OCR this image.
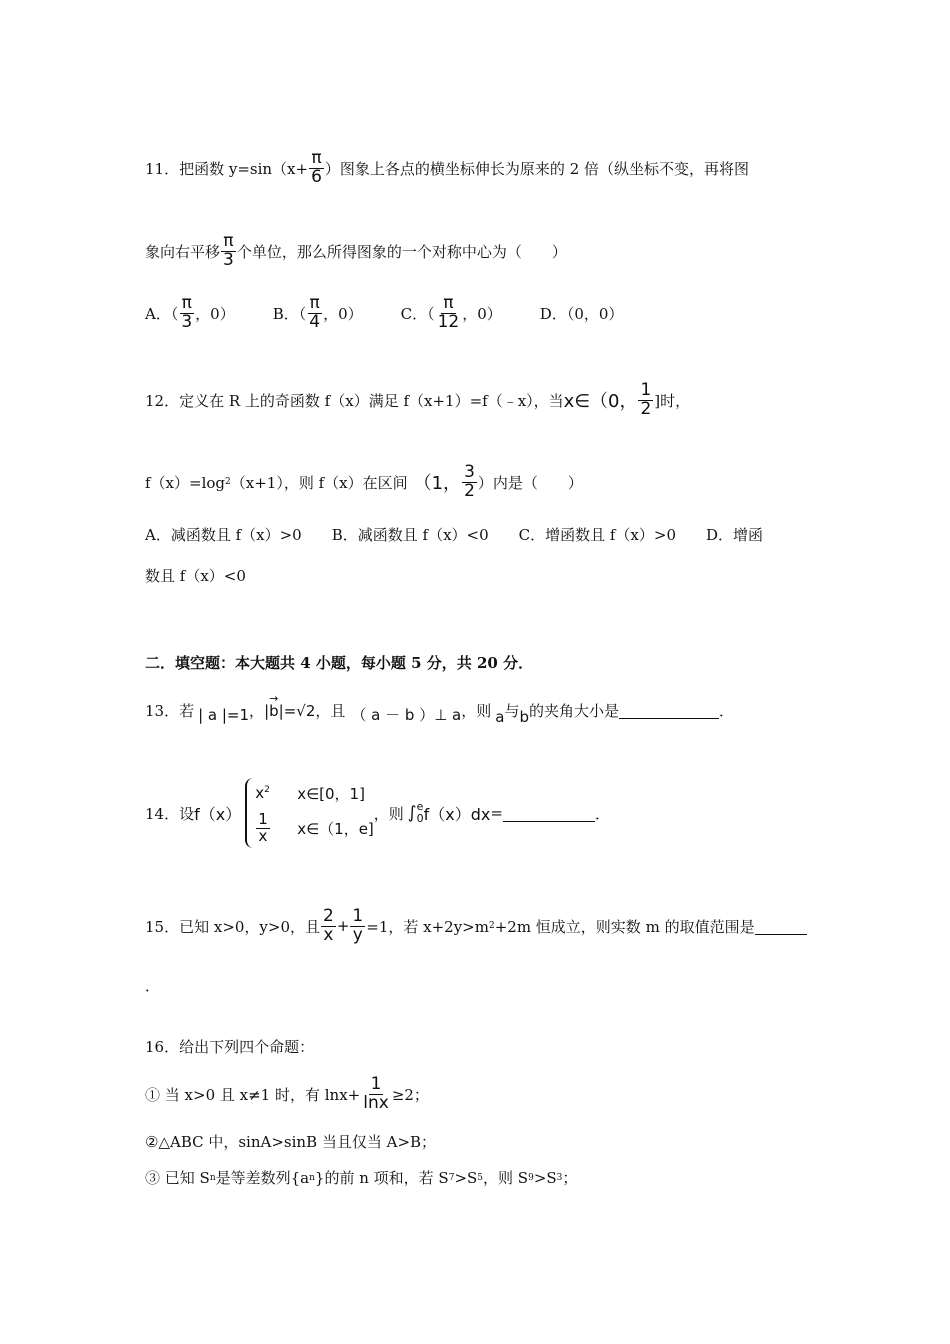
11．把函数 $y=\sin(x+ \frac{\pi}{6}$ ）图象上各点的横坐标伸长为原来的 2 倍（纵坐标不变，再将图
象向右平移 $\frac{\pi}{3}$ 个单位，那么所得图象的一个对称中心为（　　）
A．（ $\frac{\pi}{3}$ ，0）	B．（ $\frac{\pi}{4}$ ，0）	C．（ $\frac{\pi}{12}$ ，0）	D．（0，0）
12．定义在 R 上的奇函数 f（x）满足 f（x+1）=f（﹣x），当 x∈（0， $\frac{1}{2}$ ]时，
f（x）=log 2 （x+1），则 f（x）在区间 （1， $\frac{3}{2}$ ）内是（　　）
A．减函数且 f（x）>0　　B．减函数且 f（x）<0　　C．增函数且 f（x）>0　　D．增函
数且 f（x）<0
二．填空题：本大题共 4 小题，每小题 5 分，共 20 分．
13．若 | a |=1 ， |
→
b |=√2 ，且 （ a － b ）⊥ a ，则 a 与 b 的夹角大小是	．
14．设 f（x）
$x^2$	x∈[0，1]
$\frac{1}{x}$ x∈（1，e]
，则 ∫ e
0 f（x）dx =	．
15．已知 x>0，y>0，且 $\frac{2}{x} + \frac{1}{y} =1$，若 x+2y>m 2 +2m 恒成立，则实数 m 的取值范围是
．
16．给出下列四个命题：
① 当 x>0 且 x≠1 时，有 $\ln x+ \frac{1}{\ln x} \ge 2$；
②△ABC 中，sinA>sinB 当且仅当 A>B；
③ 已知 S n 是等差数列{a n }的前 n 项和，若 S 7 >S 5 ，则 S 9 >S 3 ；
